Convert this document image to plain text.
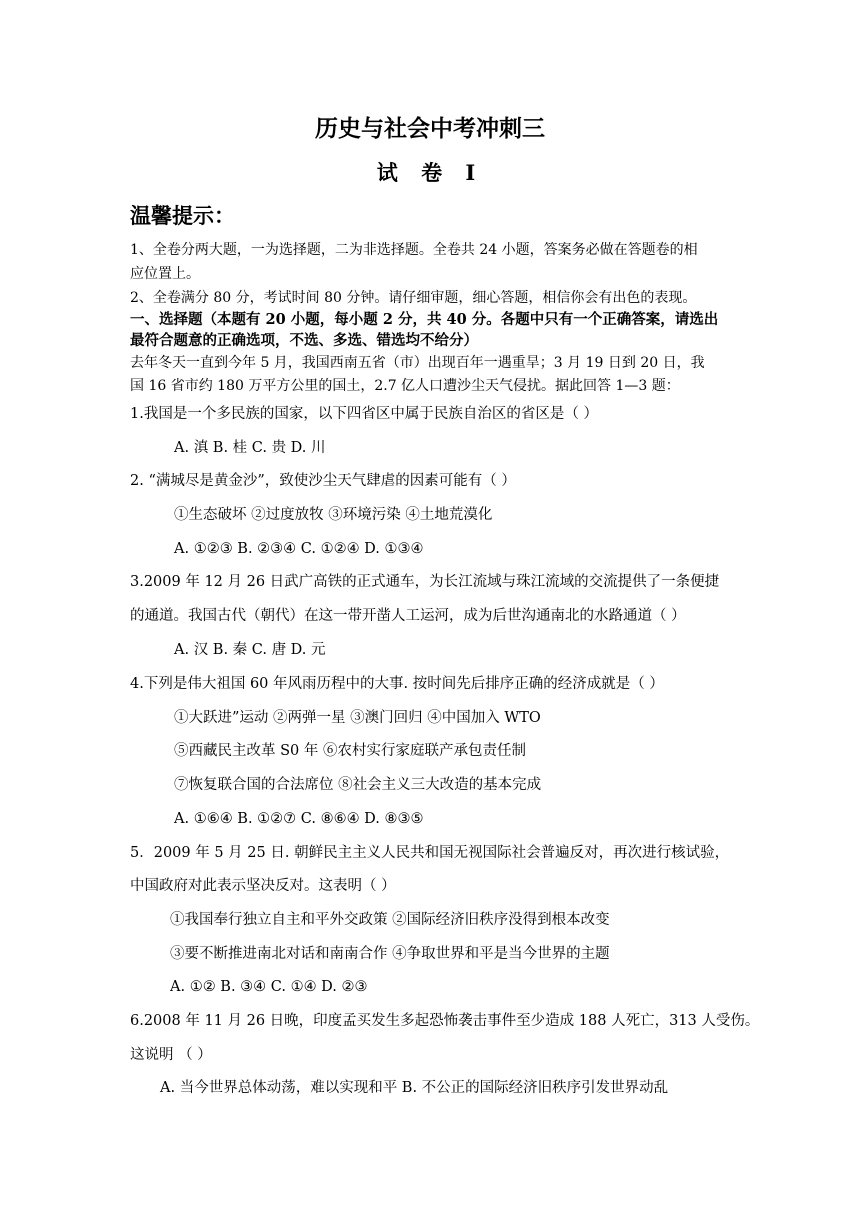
历史与社会中考冲刺三
试 卷 I
温馨提示：
1、全卷分两大题，一为选择题，二为非选择题。全卷共 24 小题，答案务必做在答题卷的相
应位置上。
2、全卷满分 80 分，考试时间 80 分钟。请仔细审题，细心答题，相信你会有出色的表现。
一、选择题（本题有 20 小题，每小题 2 分，共 40 分。各题中只有一个正确答案，请选出
最符合题意的正确选项，不选、多选、错选均不给分）
去年冬天一直到今年 5 月，我国西南五省（市）出现百年一遇重旱；3 月 19 日到 20 日，我
国 16 省市约 180 万平方公里的国土，2.7 亿人口遭沙尘天气侵扰。据此回答 1—3 题：
1.我国是一个多民族的国家，以下四省区中属于民族自治区的省区是（ ）
A. 滇 B. 桂 C. 贵 D. 川
2. “满城尽是黄金沙”，致使沙尘天气肆虐的因素可能有（ ）
①生态破坏 ②过度放牧 ③环境污染 ④土地荒漠化
A. ①②③ B. ②③④ C. ①②④ D. ①③④
3.2009 年 12 月 26 日武广高铁的正式通车，为长江流域与珠江流域的交流提供了一条便捷
的通道。我国古代（朝代）在这一带开凿人工运河，成为后世沟通南北的水路通道（ ）
A. 汉 B. 秦 C. 唐 D. 元
4.下列是伟大祖国 60 年风雨历程中的大事. 按时间先后排序正确的经济成就是（ ）
①大跃进”运动 ②两弹一星 ③澳门回归 ④中国加入 WTO
⑤西藏民主改革 S0 年 ⑥农村实行家庭联产承包责任制
⑦恢复联合国的合法席位 ⑧社会主义三大改造的基本完成
A. ①⑥④ B. ①②⑦ C. ⑧⑥④ D. ⑧③⑤
5．2009 年 5 月 25 日. 朝鲜民主主义人民共和国无视国际社会普遍反对，再次进行核试验，
中国政府对此表示坚决反对。这表明（ ）
①我国奉行独立自主和平外交政策 ②国际经济旧秩序没得到根本改变
③要不断推进南北对话和南南合作 ④争取世界和平是当今世界的主题
A. ①② B. ③④ C. ①④ D. ②③
6.2008 年 11 月 26 日晚，印度孟买发生多起恐怖袭击事件至少造成 188 人死亡，313 人受伤。
这说明 （ ）
A. 当今世界总体动荡，难以实现和平 B. 不公正的国际经济旧秩序引发世界动乱
